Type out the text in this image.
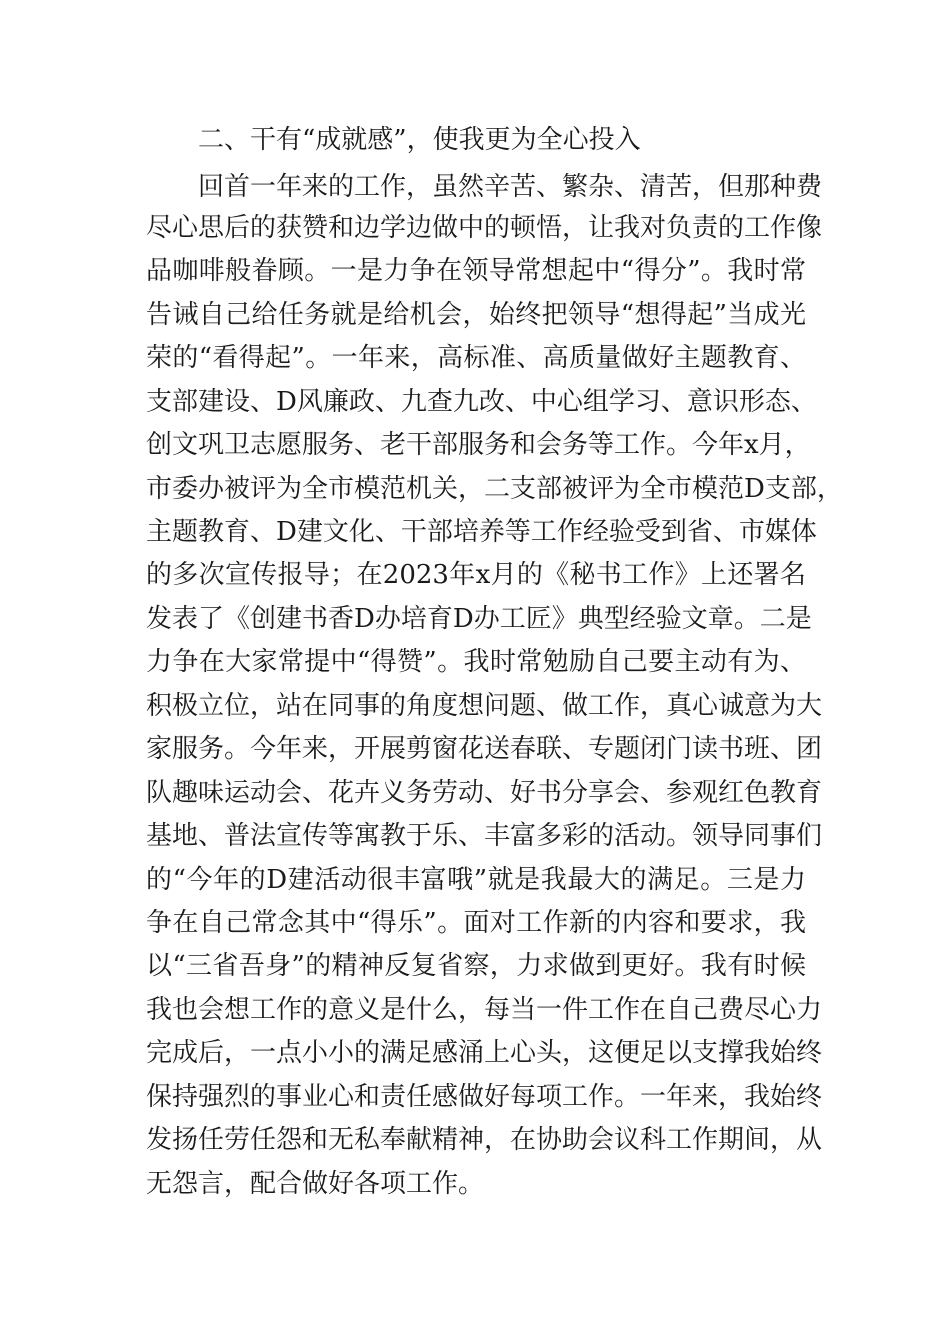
二、干有“成就感”，使我更为全心投入
回首一年来的工作，虽然辛苦、繁杂、清苦，但那种费
尽心思后的获赞和边学边做中的顿悟，让我对负责的工作像
品咖啡般眷顾。一是力争在领导常想起中“得分”。我时常
告诫自己给任务就是给机会，始终把领导“想得起”当成光
荣的“看得起”。一年来，高标准、高质量做好主题教育、
支部建设、D风廉政、九查九改、中心组学习、意识形态、
创文巩卫志愿服务、老干部服务和会务等工作。今年x月，
市委办被评为全市模范机关，二支部被评为全市模范D支部，
主题教育、D建文化、干部培养等工作经验受到省、市媒体
的多次宣传报导；在2023年x月的《秘书工作》上还署名
发表了《创建书香D办培育D办工匠》典型经验文章。二是
力争在大家常提中“得赞”。我时常勉励自己要主动有为、
积极立位，站在同事的角度想问题、做工作，真心诚意为大
家服务。今年来，开展剪窗花送春联、专题闭门读书班、团
队趣味运动会、花卉义务劳动、好书分享会、参观红色教育
基地、普法宣传等寓教于乐、丰富多彩的活动。领导同事们
的“今年的D建活动很丰富哦”就是我最大的满足。三是力
争在自己常念其中“得乐”。面对工作新的内容和要求，我
以“三省吾身”的精神反复省察，力求做到更好。我有时候
我也会想工作的意义是什么，每当一件工作在自己费尽心力
完成后，一点小小的满足感涌上心头，这便足以支撑我始终
保持强烈的事业心和责任感做好每项工作。一年来，我始终
发扬任劳任怨和无私奉献精神，在协助会议科工作期间，从
无怨言，配合做好各项工作。
